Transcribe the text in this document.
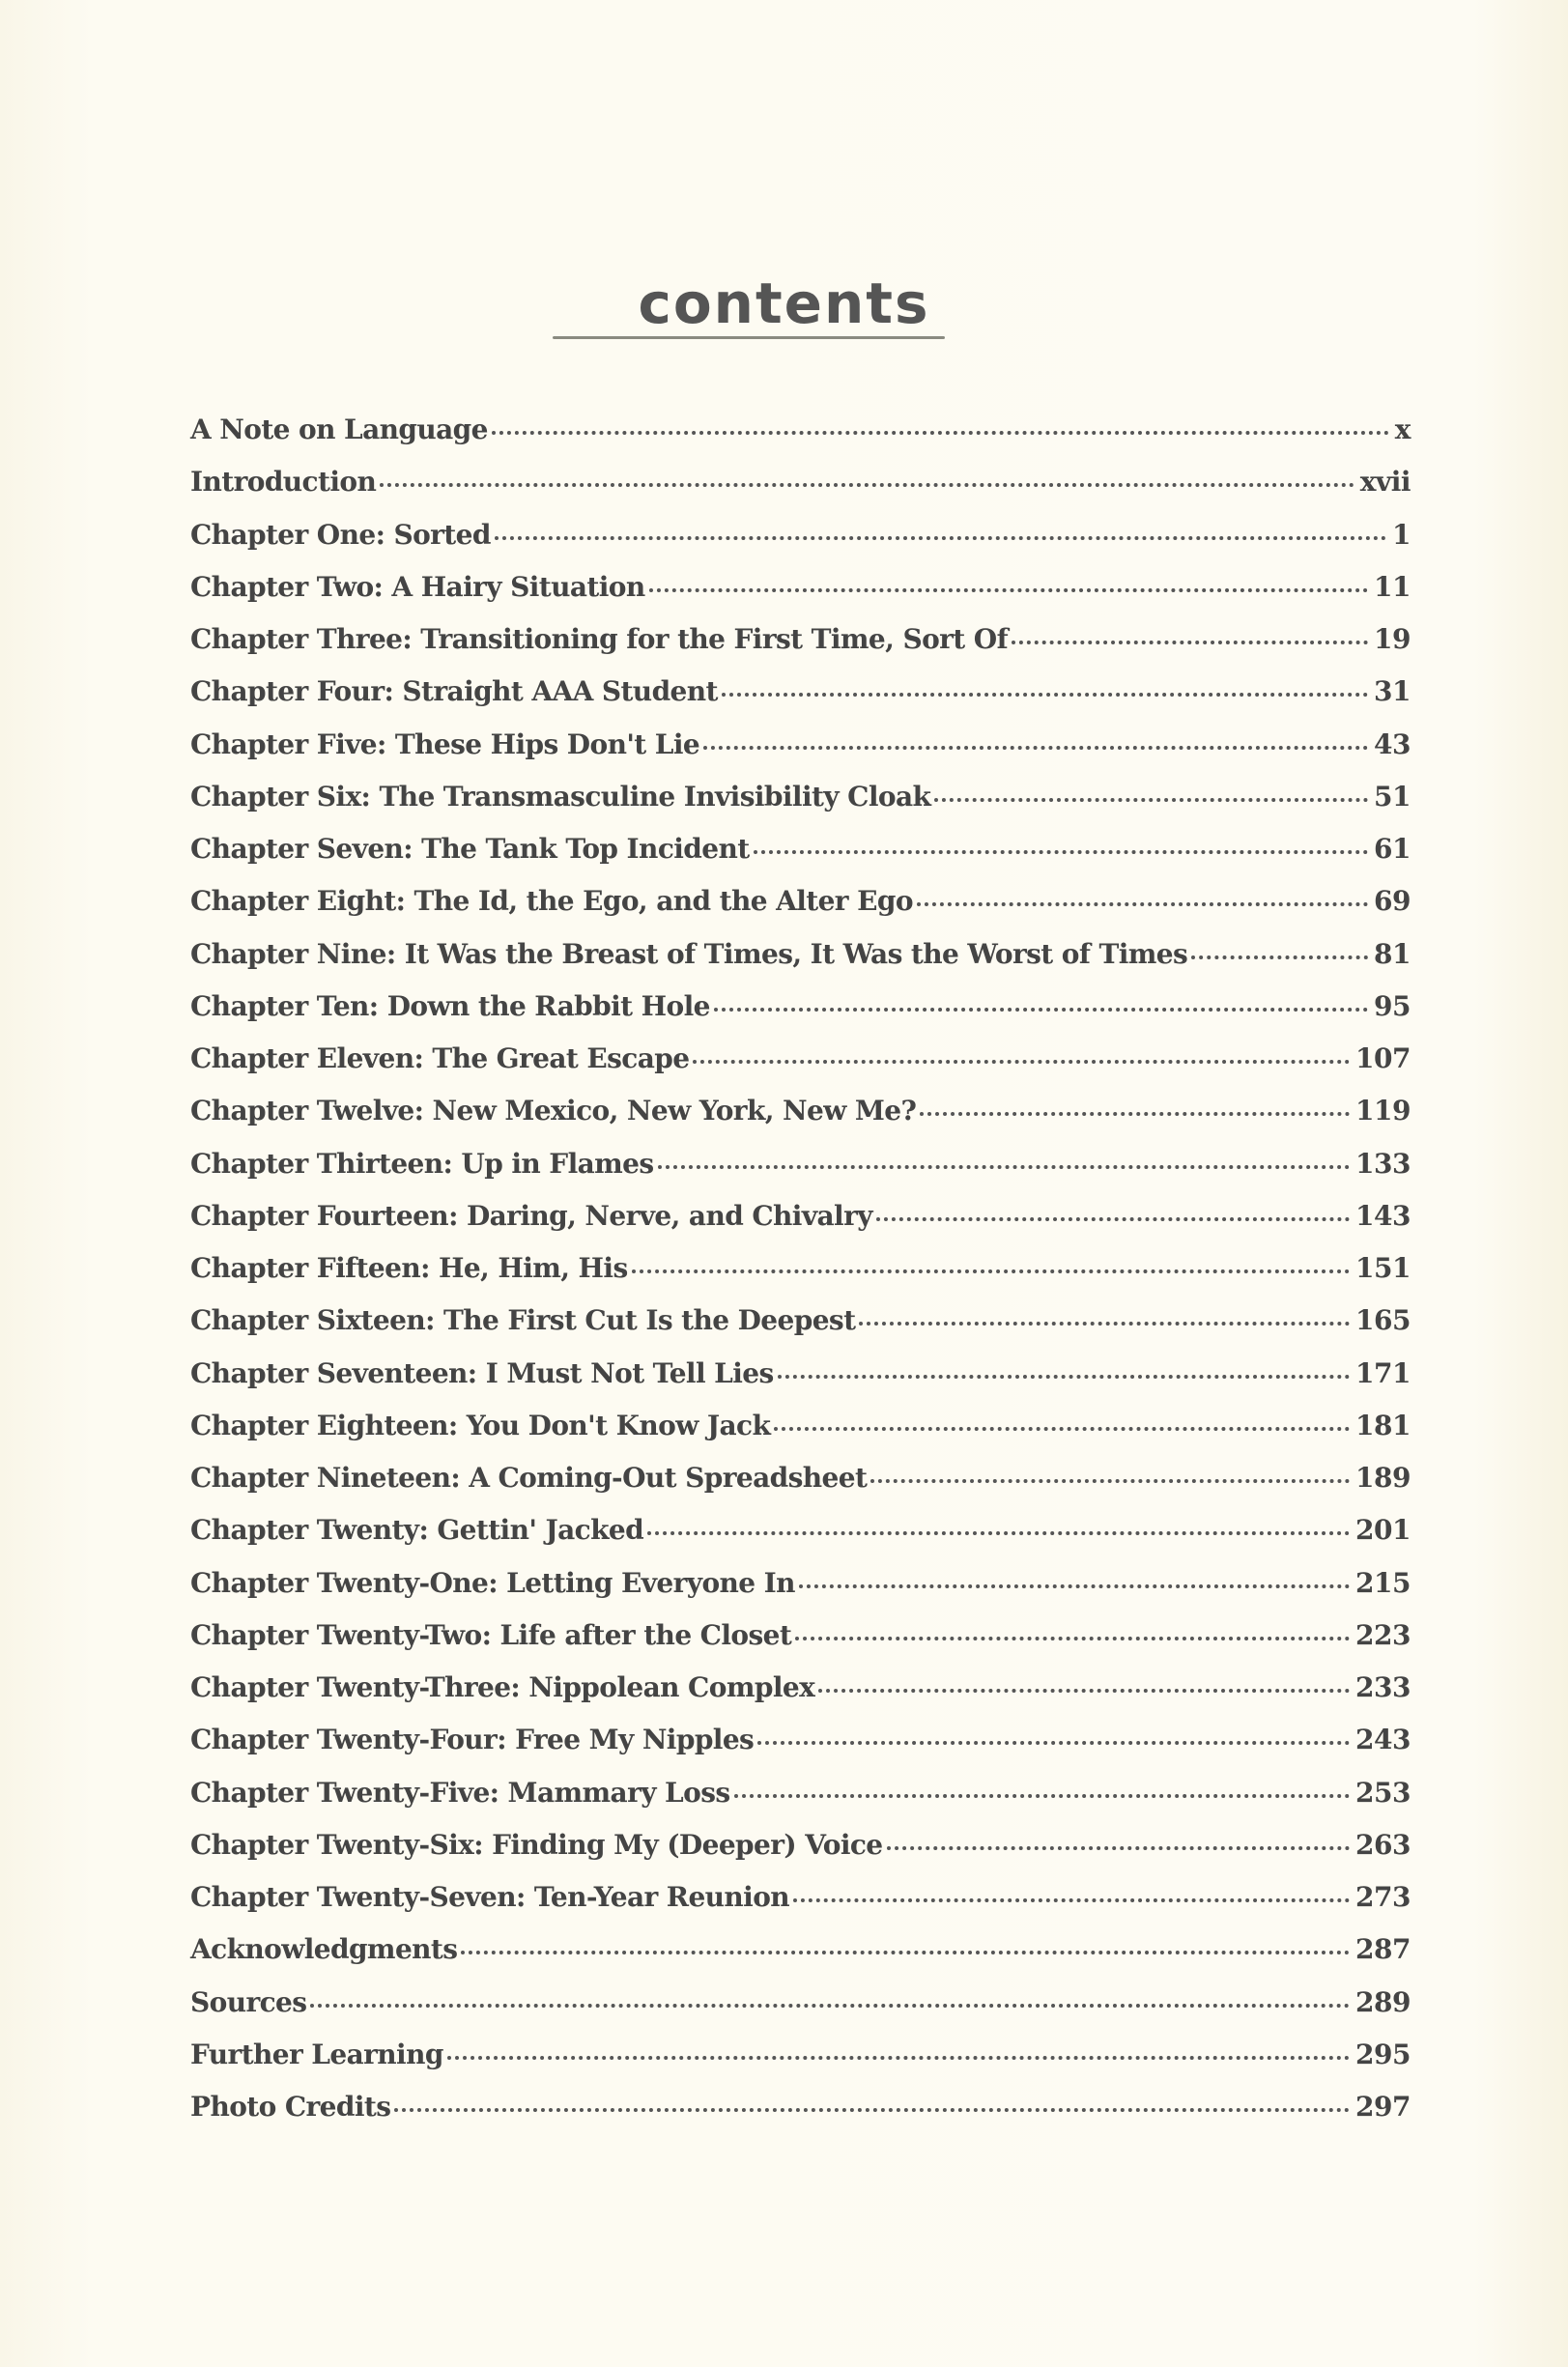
contents
A Note on Language	x
Introduction	xvii
Chapter One: Sorted	1
Chapter Two: A Hairy Situation	11
Chapter Three: Transitioning for the First Time, Sort Of	19
Chapter Four: Straight AAA Student	31
Chapter Five: These Hips Don't Lie	43
Chapter Six: The Transmasculine Invisibility Cloak	51
Chapter Seven: The Tank Top Incident	61
Chapter Eight: The Id, the Ego, and the Alter Ego	69
Chapter Nine: It Was the Breast of Times, It Was the Worst of Times	81
Chapter Ten: Down the Rabbit Hole	95
Chapter Eleven: The Great Escape	107
Chapter Twelve: New Mexico, New York, New Me?	119
Chapter Thirteen: Up in Flames	133
Chapter Fourteen: Daring, Nerve, and Chivalry	143
Chapter Fifteen: He, Him, His	151
Chapter Sixteen: The First Cut Is the Deepest	165
Chapter Seventeen: I Must Not Tell Lies	171
Chapter Eighteen: You Don't Know Jack	181
Chapter Nineteen: A Coming-Out Spreadsheet	189
Chapter Twenty: Gettin' Jacked	201
Chapter Twenty-One: Letting Everyone In	215
Chapter Twenty-Two: Life after the Closet	223
Chapter Twenty-Three: Nippolean Complex	233
Chapter Twenty-Four: Free My Nipples	243
Chapter Twenty-Five: Mammary Loss	253
Chapter Twenty-Six: Finding My (Deeper) Voice	263
Chapter Twenty-Seven: Ten-Year Reunion	273
Acknowledgments	287
Sources	289
Further Learning	295
Photo Credits	297
